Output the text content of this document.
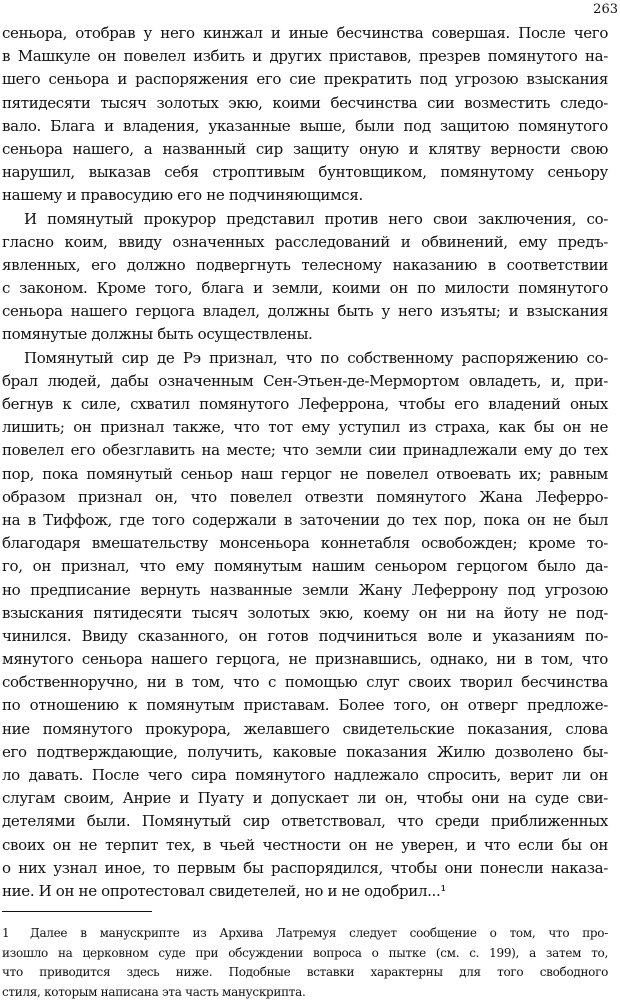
263
сеньора, отобрав у него кинжал и иные бесчинства совершая. После чего
в Машкуле он повелел избить и других приставов, презрев помянутого на-
шего сеньора и распоряжения его сие прекратить под угрозою взыскания
пятидесяти тысяч золотых экю, коими бесчинства сии возместить следо-
вало. Блага и владения, указанные выше, были под защитою помянутого
сеньора нашего, а названный сир защиту оную и клятву верности свою
нарушил, выказав себя строптивым бунтовщиком, помянутому сеньору
нашему и правосудию его не подчиняющимся.
И помянутый прокурор представил против него свои заключения, со-
гласно коим, ввиду означенных расследований и обвинений, ему предъ-
явленных, его должно подвергнуть телесному наказанию в соответствии
с законом. Кроме того, блага и земли, коими он по милости помянутого
сеньора нашего герцога владел, должны быть у него изъяты; и взыскания
помянутые должны быть осуществлены.
Помянутый сир де Рэ признал, что по собственному распоряжению со-
брал людей, дабы означенным Сен-Этьен-де-Мермортом овладеть, и, при-
бегнув к силе, схватил помянутого Леферрона, чтобы его владений оных
лишить; он признал также, что тот ему уступил из страха, как бы он не
повелел его обезглавить на месте; что земли сии принадлежали ему до тех
пор, пока помянутый сеньор наш герцог не повелел отвоевать их; равным
образом признал он, что повелел отвезти помянутого Жана Леферро-
на в Тиффож, где того содержали в заточении до тех пор, пока он не был
благодаря вмешательству монсеньора коннетабля освобожден; кроме то-
го, он признал, что ему помянутым нашим сеньором герцогом было да-
но предписание вернуть названные земли Жану Леферрону под угрозою
взыскания пятидесяти тысяч золотых экю, коему он ни на йоту не под-
чинился. Ввиду сказанного, он готов подчиниться воле и указаниям по-
мянутого сеньора нашего герцога, не признавшись, однако, ни в том, что
собственноручно, ни в том, что с помощью слуг своих творил бесчинства
по отношению к помянутым приставам. Более того, он отверг предложе-
ние помянутого прокурора, желавшего свидетельские показания, слова
его подтверждающие, получить, каковые показания Жилю дозволено бы-
ло давать. После чего сира помянутого надлежало спросить, верит ли он
слугам своим, Анрие и Пуату и допускает ли он, чтобы они на суде сви-
детелями были. Помянутый сир ответствовал, что среди приближенных
своих он не терпит тех, в чьей честности он не уверен, и что если бы он
о них узнал иное, то первым бы распорядился, чтобы они понесли наказа-
ние. И он не опротестовал свидетелей, но и не одобрил...¹
1 Далее в манускрипте из Архива Латремуя следует сообщение о том, что про-
изошло на церковном суде при обсуждении вопроса о пытке (см. с. 199), а затем то,
что приводится здесь ниже. Подобные вставки характерны для того свободного
стиля, которым написана эта часть манускрипта.
